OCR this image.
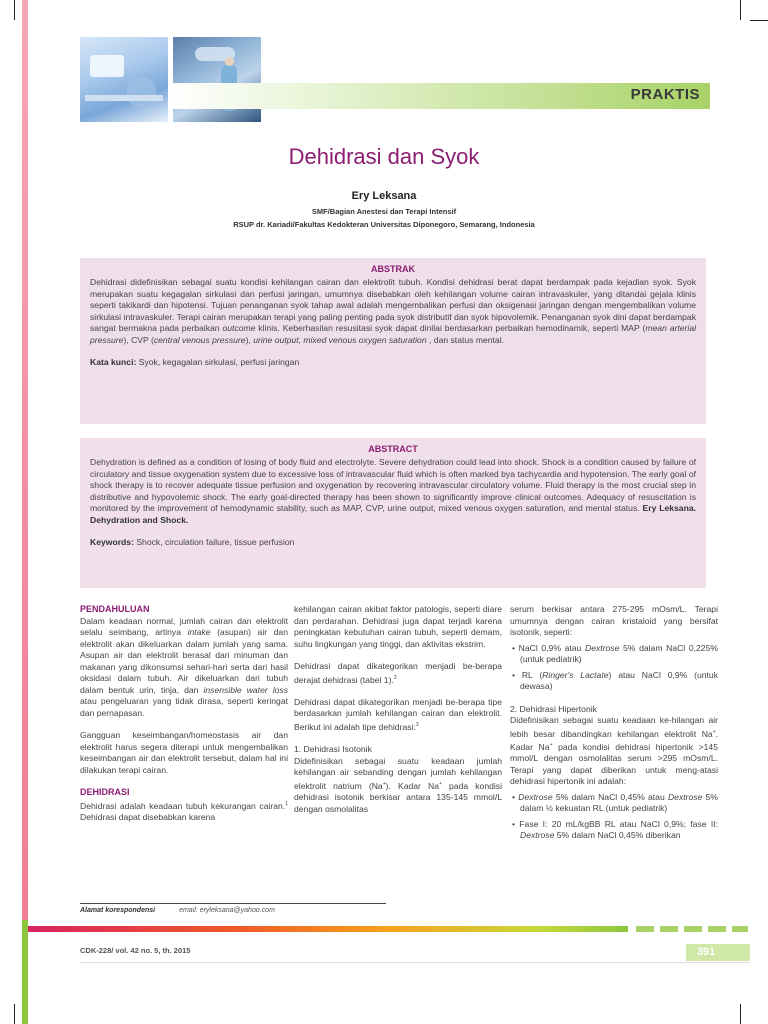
PRAKTIS
Dehidrasi dan Syok
Ery Leksana
SMF/Bagian Anestesi dan Terapi Intensif
RSUP dr. Kariadi/Fakultas Kedokteran Universitas Diponegoro, Semarang, Indonesia
ABSTRAK

Dehidrasi didefinisikan sebagai suatu kondisi kehilangan cairan dan elektrolit tubuh. Kondisi dehidrasi berat dapat berdampak pada kejadian syok. Syok merupakan suatu kegagalan sirkulasi dan perfusi jaringan, umumnya disebabkan oleh kehilangan volume cairan intravaskuler, yang ditandai gejala klinis seperti takikardi dan hipotensi. Tujuan penanganan syok tahap awal adalah mengembalikan perfusi dan oksigenasi jaringan dengan mengembalikan volume sirkulasi intravaskuler. Terapi cairan merupakan terapi yang paling penting pada syok distributif dan syok hipovolemik. Penanganan syok dini dapat berdampak sangat bermakna pada perbaikan outcome klinis. Keberhasilan resusitasi syok dapat dinilai berdasarkan perbaikan hemodinamik, seperti MAP (mean arterial pressure), CVP (central venous pressure), urine output, mixed venous oxygen saturation , dan status mental.

Kata kunci: Syok, kegagalan sirkulasi, perfusi jaringan

ABSTRACT

Dehydration is defined as a condition of losing of body fluid and electrolyte. Severe dehydration could lead into shock. Shock is a condition caused by failure of circulatory and tissue oxygenation system due to excessive loss of intravascular fluid which is often marked bya tachycardia and hypotension. The early goal of shock therapy is to recover adequate tissue perfusion and oxygenation by recovering intravascular circulatory volume. Fluid therapy is the most crucial step in distributive and hypovolemic shock. The early goal-directed therapy has been shown to significantly improve clinical outcomes. Adequacy of resuscitation is monitored by the improvement of hemodynamic stability, such as MAP, CVP, urine output, mixed venous oxygen saturation, and mental status. Ery Leksana. Dehydration and Shock.

Keywords: Shock, circulation failure, tissue perfusion

PENDAHULUAN

Dalam keadaan normal, jumlah cairan dan elektrolit selalu seimbang, artinya intake (asupan) air dan elektrolit akan dikeluarkan dalam jumlah yang sama. Asupan air dan elektrolit berasal dari minuman dan makanan yang dikonsumsi sehari-hari serta dari hasil oksidasi dalam tubuh. Air dikeluarkan dari tubuh dalam bentuk urin, tinja, dan insensible water loss atau pengeluaran yang tidak dirasa, seperti keringat dan pernapasan.

Gangguan keseimbangan/homeostasis air dan elektrolit harus segera diterapi untuk mengembalikan keseimbangan air dan elektrolit tersebut, dalam hal ini dilakukan terapi cairan.

DEHIDRASI

Dehidrasi adalah keadaan tubuh kekurangan cairan.$^1$ Dehidrasi dapat disebabkan karena

kehilangan cairan akibat faktor patologis, seperti diare dan perdarahan. Dehidrasi juga dapat terjadi karena peningkatan kebutuhan cairan tubuh, seperti demam, suhu lingkungan yang tinggi, dan aktivitas ekstrim.

Dehidrasi dapat dikategorikan menjadi be-berapa derajat dehidrasi (tabel 1).$^2$

Dehidrasi dapat dikategorikan menjadi be-berapa tipe berdasarkan jumlah kehilangan cairan dan elektrolit. Berikut ini adalah tipe dehidrasi:$^3$

1. Dehidrasi Isotonik

Didefinisikan sebagai suatu keadaan jumlah kehilangan air sebanding dengan jumlah kehilangan elektrolit natrium (Na+). Kadar Na+ pada kondisi dehidrasi isotonik berkisar antara 135-145 mmol/L dengan osmolalitas

serum berkisar antara 275-295 mOsm/L. Terapi umumnya dengan cairan kristaloid yang bersifat isotonik, seperti:

• NaCl 0,9% atau Dextrose 5% dalam NaCl 0,225% (untuk pediatrik)

• RL (Ringer's Lactate) atau NaCl 0,9% (untuk dewasa)

2. Dehidrasi Hipertonik

Didefinisikan sebagai suatu keadaan ke-hilangan air lebih besar dibandingkan kehilangan elektrolit Na+. Kadar Na+ pada kondisi dehidrasi hipertonik >145 mmol/L dengan osmolalitas serum >295 mOsm/L. Terapi yang dapat diberikan untuk meng-atasi dehidrasi hipertonik ini adalah:

• Dextrose 5% dalam NaCl 0,45% atau Dextrose 5% dalam ½ kekuatan RL (untuk pediatrik)

• Fase I: 20 mL/kgBB RL atau NaCl 0,9%; fase II: Dextrose 5% dalam NaCl 0,45% diberikan

Alamat korespondensi	email: eryleksana@yahoo.com
CDK-228/ vol. 42 no. 5, th. 2015	391
